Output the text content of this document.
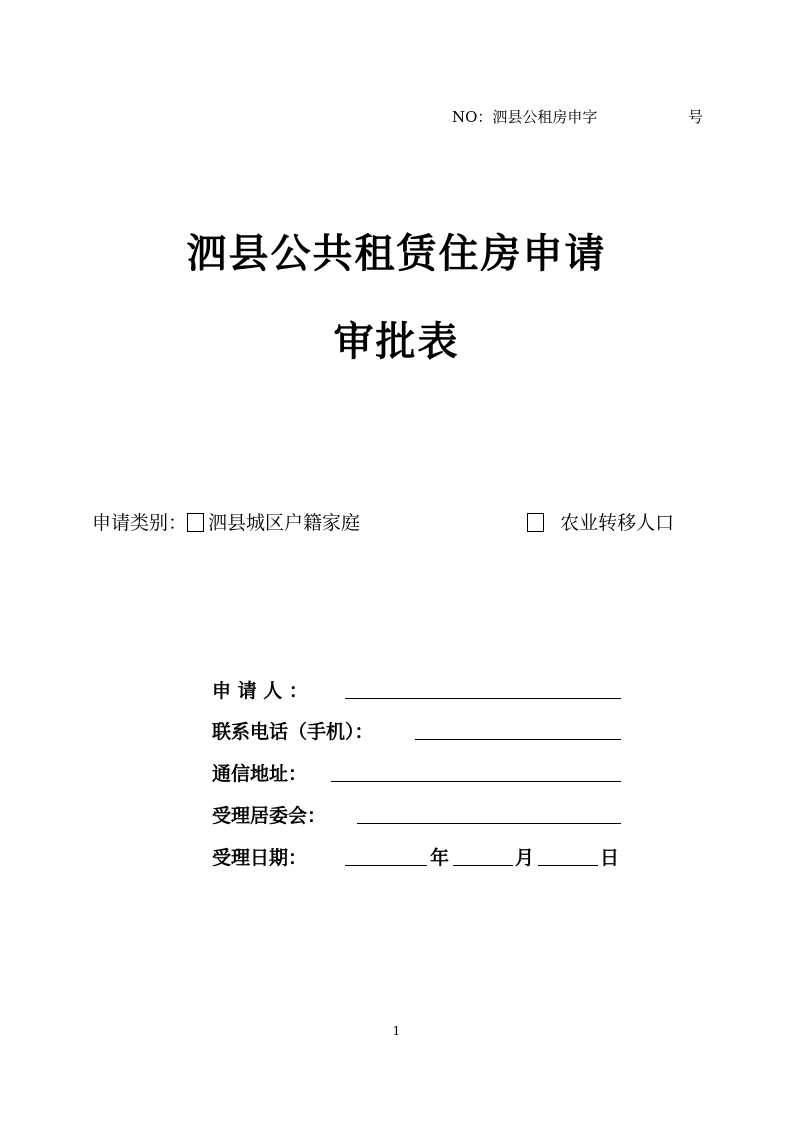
NO：泗县公租房申字	号
泗县公共租赁住房申请
审批表
申请类别： 泗县城区户籍家庭	农业转移人口
申 请 人 ：
联系电话（手机）：
通信地址：
受理居委会：
受理日期：	年	月	日
1
